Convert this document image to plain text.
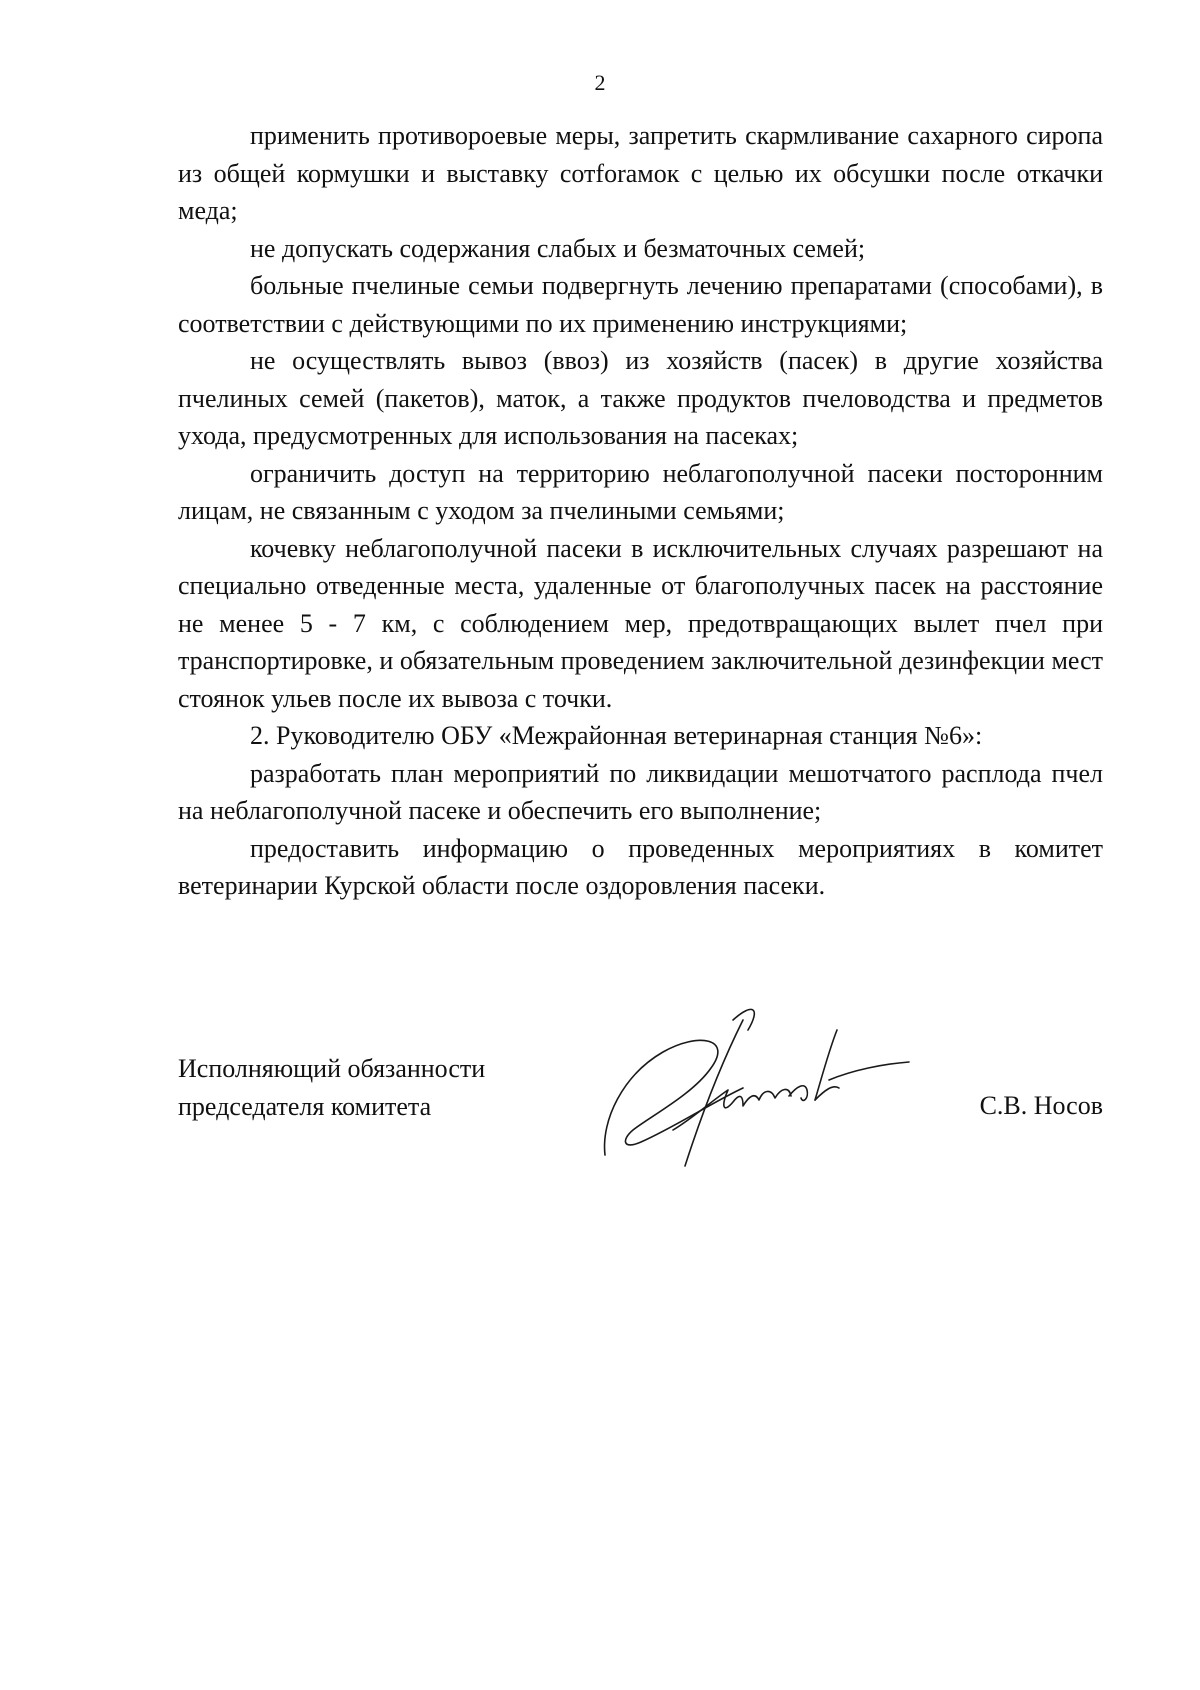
2

применить противороевые меры, запретить скармливание сахарного сиропа из общей кормушки и выставку сотforамок с целью их обсушки после откачки меда;

не допускать содержания слабых и безматочных семей;

больные пчелиные семьи подвергнуть лечению препаратами (способами), в соответствии с действующими по их применению инструкциями;

не осуществлять вывоз (ввоз) из хозяйств (пасек) в другие хозяйства пчелиных семей (пакетов), маток, а также продуктов пчеловодства и предметов ухода, предусмотренных для использования на пасеках;

ограничить доступ на территорию неблагополучной пасеки посторонним лицам, не связанным с уходом за пчелиными семьями;

кочевку неблагополучной пасеки в исключительных случаях разрешают на специально отведенные места, удаленные от благополучных пасек на расстояние не менее 5 - 7 км, с соблюдением мер, предотвращающих вылет пчел при транспортировке, и обязательным проведением заключительной дезинфекции мест стоянок ульев после их вывоза с точки.

2. Руководителю ОБУ «Межрайонная ветеринарная станция №6»:

разработать план мероприятий по ликвидации мешотчатого расплода пчел на неблагополучной пасеке и обеспечить его выполнение;

предоставить информацию о проведенных мероприятиях в комитет ветеринарии Курской области после оздоровления пасеки.

Исполняющий обязанности
председателя комитета	С.В. Носов
